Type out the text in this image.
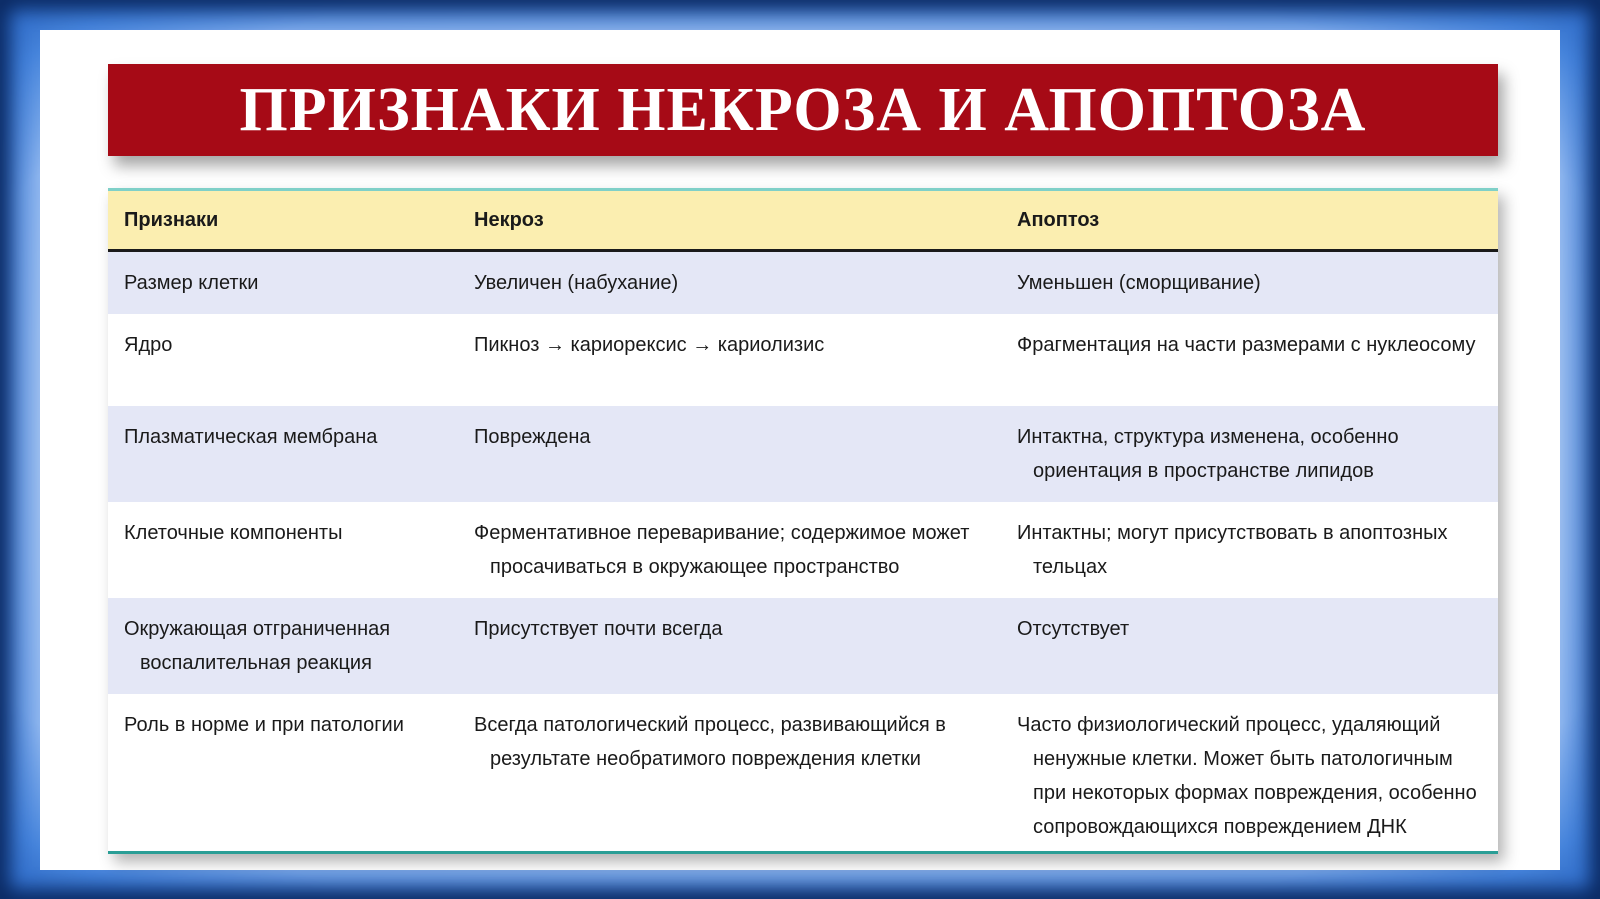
ПРИЗНАКИ НЕКРОЗА И АПОПТОЗА
Признаки	Некроз	Апоптоз

Размер клетки	Увеличен (набухание)	Уменьшен (сморщивание)

Ядро	Пикноз → кариорексис → кариолизис	Фрагментация на части размерами с нуклеосому

Плазматическая мембрана	Повреждена	Интактна, структура изменена, особенно ориентация в пространстве липидов

Клеточные компоненты	Ферментативное переваривание; содержимое может просачиваться в окружающее пространство	Интактны; могут присутствовать в апоптозных тельцах

Окружающая отграниченная воспалительная реакция	Присутствует почти всегда	Отсутствует

Роль в норме и при патологии	Всегда патологический процесс, развивающийся в результате необратимого повреждения клетки	Часто физиологический процесс, удаляющий ненужные клетки. Может быть патологичным при некоторых формах повреждения, особенно сопровождающихся повреждением ДНК
